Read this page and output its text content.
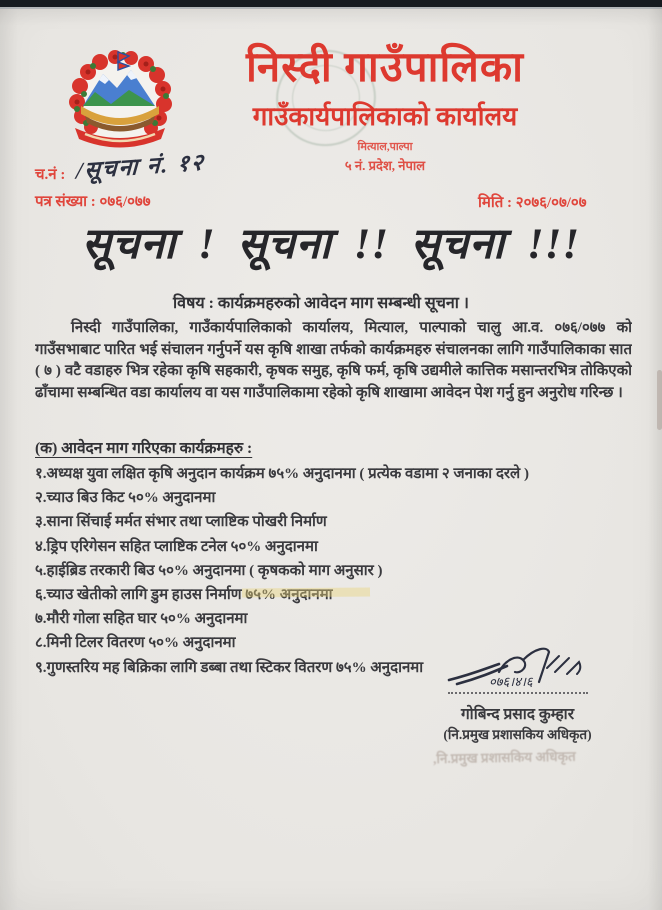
निस्दी गाउँपालिका
गाउँकार्यपालिकाको कार्यालय
मित्याल,पाल्पा
५ नं. प्रदेश, नेपाल
च.नं : /सूचना नं. १२
पत्र संख्या : ०७६/०७७	मिति : २०७६/०७/०७
सूचना ! सूचना !! सूचना !!!
विषय : कार्यक्रमहरुको आवेदन माग सम्बन्धी सूचना ।
निस्दी गाउँपालिका, गाउँकार्यपालिकाको कार्यालय, मित्याल, पाल्पाको चालु आ.व. ०७६/०७७ को गाउँसभाबाट पारित भई संचालन गर्नुपर्ने यस कृषि शाखा तर्फको कार्यक्रमहरु संचालनका लागि गाउँपालिकाका सात ( ७ ) वटै वडाहरु भित्र रहेका कृषि सहकारी, कृषक समुह, कृषि फर्म, कृषि उद्यमीले कात्तिक मसान्तरभित्र तोकिएको ढाँचामा सम्बन्धित वडा कार्यालय वा यस गाउँपालिकामा रहेको कृषि शाखामा आवेदन पेश गर्नु हुन अनुरोध गरिन्छ ।
(क) आवेदन माग गरिएका कार्यक्रमहरु :
१.अध्यक्ष युवा लक्षित कृषि अनुदान कार्यक्रम ७५% अनुदानमा ( प्रत्येक वडामा २ जनाका दरले )
२.च्याउ बिउ किट ५०% अनुदानमा
३.साना सिंचाई मर्मत संभार तथा प्लाष्टिक पोखरी निर्माण
४.ड्रिप एरिगेसन सहित प्लाष्टिक टनेल ५०% अनुदानमा
५.हाईब्रिड तरकारी बिउ ५०% अनुदानमा ( कृषकको माग अनुसार )
६.च्याउ खेतीको लागि डुम हाउस निर्माण ७५% अनुदानमा
७.मौरी गोला सहित घार ५०% अनुदानमा
८.मिनी टिलर वितरण ५०% अनुदानमा
९.गुणस्तरिय मह बिक्रिका लागि डब्बा तथा स्टिकर वितरण ७५% अनुदानमा
०७६।४।६
गोबिन्द प्रसाद कुम्हार
(नि.प्रमुख प्रशासकिय अधिकृत)
,नि.प्रमुख प्रशासकिय अधिकृत
